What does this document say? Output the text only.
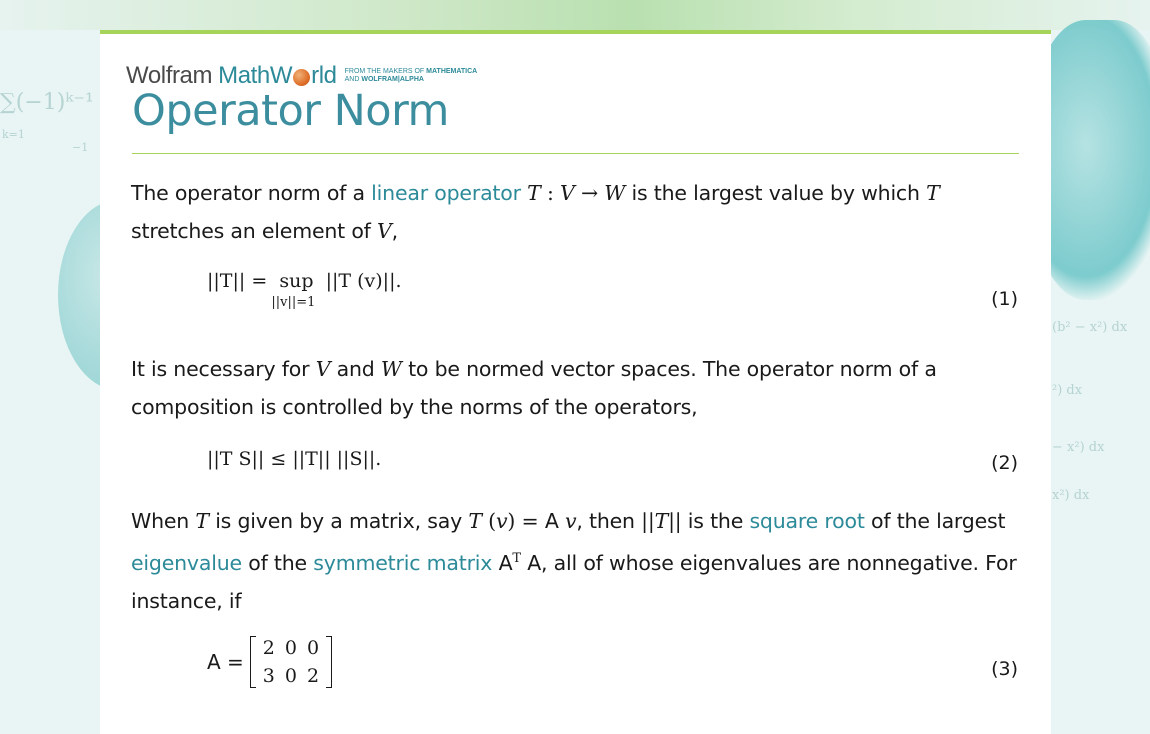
∑(−1)ᵏ⁻¹
k=1
−1
(b² − x²) dx
²) dx
− x²) dx
x²) dx
Wolfram MathW rld FROM THE MAKERS OF MATHEMATICA
AND WOLFRAM|ALPHA
Operator Norm
The operator norm of a linear operator T : V → W is the largest value by which T
stretches an element of V,
||T|| = sup
||v||=1
||T (v)||.
(1)
It is necessary for V and W to be normed vector spaces. The operator norm of a
composition is controlled by the norms of the operators,
||T S|| ≤ ||T|| ||S||.	(2)
When T is given by a matrix, say T (v) = A v, then ||T|| is the square root of the largest
eigenvalue of the symmetric matrix $A^T$ A, all of whose eigenvalues are nonnegative. For
instance, if
A =
2	0	0
3	0	2	(3)
